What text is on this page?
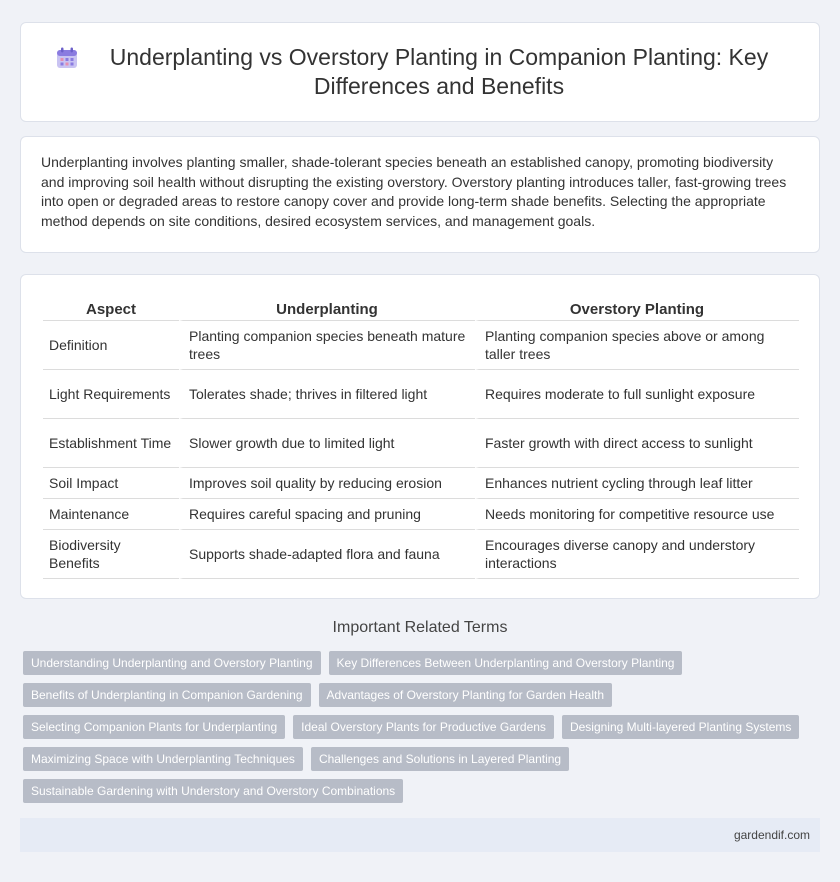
Underplanting vs Overstory Planting in Companion Planting: Key Differences and Benefits

Underplanting involves planting smaller, shade-tolerant species beneath an established canopy, promoting biodiversity and improving soil health without disrupting the existing overstory. Overstory planting introduces taller, fast-growing trees into open or degraded areas to restore canopy cover and provide long-term shade benefits. Selecting the appropriate method depends on site conditions, desired ecosystem services, and management goals.

Aspect	Underplanting	Overstory Planting
Definition	Planting companion species beneath mature trees	Planting companion species above or among taller trees
Light Requirements	Tolerates shade; thrives in filtered light	Requires moderate to full sunlight exposure
Establishment Time	Slower growth due to limited light	Faster growth with direct access to sunlight
Soil Impact	Improves soil quality by reducing erosion	Enhances nutrient cycling through leaf litter
Maintenance	Requires careful spacing and pruning	Needs monitoring for competitive resource use
Biodiversity Benefits	Supports shade-adapted flora and fauna	Encourages diverse canopy and understory interactions
Important Related Terms
Understanding Underplanting and Overstory Planting	Key Differences Between Underplanting and Overstory Planting
Benefits of Underplanting in Companion Gardening	Advantages of Overstory Planting for Garden Health
Selecting Companion Plants for Underplanting	Ideal Overstory Plants for Productive Gardens	Designing Multi-layered Planting Systems
Maximizing Space with Underplanting Techniques	Challenges and Solutions in Layered Planting
Sustainable Gardening with Understory and Overstory Combinations
gardendif.com
